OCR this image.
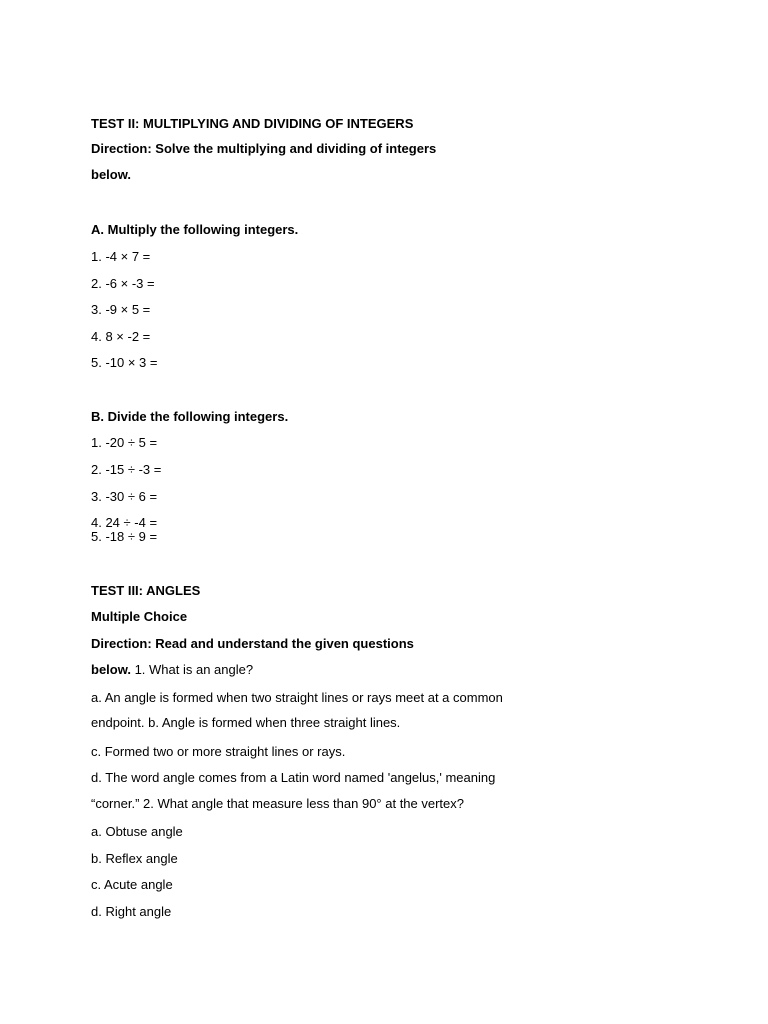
TEST II: MULTIPLYING AND DIVIDING OF INTEGERS
Direction: Solve the multiplying and dividing of integers
below.
A. Multiply the following integers.
1. -4 × 7 =
2. -6 × -3 =
3. -9 × 5 =
4. 8 × -2 =
5. -10 × 3 =
B. Divide the following integers.
1. -20 ÷ 5 =
2. -15 ÷ -3 =
3. -30 ÷ 6 =
4. 24 ÷ -4 =
5. -18 ÷ 9 =
TEST III: ANGLES
Multiple Choice
Direction: Read and understand the given questions
below. 1. What is an angle?
a. An angle is formed when two straight lines or rays meet at a common
endpoint. b. Angle is formed when three straight lines.
c. Formed two or more straight lines or rays.
d. The word angle comes from a Latin word named 'angelus,' meaning
“corner.” 2. What angle that measure less than 90° at the vertex?
a. Obtuse angle
b. Reflex angle
c. Acute angle
d. Right angle
